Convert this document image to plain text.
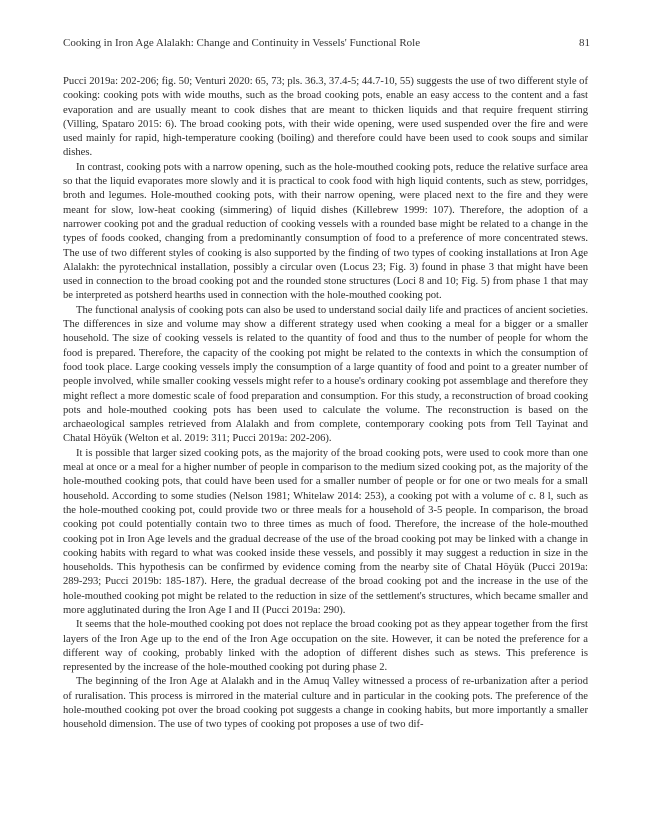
Cooking in Iron Age Alalakh: Change and Continuity in Vessels' Functional Role	81

Pucci 2019a: 202-206; fig. 50; Venturi 2020: 65, 73; pls. 36.3, 37.4-5; 44.7-10, 55) suggests the use of two different style of cooking: cooking pots with wide mouths, such as the broad cooking pots, enable an easy access to the content and a fast evaporation and are usually meant to cook dishes that are meant to thicken liquids and that require frequent stirring (Villing, Spataro 2015: 6). The broad cooking pots, with their wide opening, were used suspended over the fire and were used mainly for rapid, high-temperature cooking (boiling) and therefore could have been used to cook soups and similar dishes.

In contrast, cooking pots with a narrow opening, such as the hole-mouthed cooking pots, reduce the relative surface area so that the liquid evaporates more slowly and it is practical to cook food with high liquid contents, such as stew, porridges, broth and legumes. Hole-mouthed cooking pots, with their narrow opening, were placed next to the fire and they were meant for slow, low-heat cooking (simmering) of liquid dishes (Killebrew 1999: 107). Therefore, the adoption of a narrower cooking pot and the gradual reduction of cooking vessels with a rounded base might be related to a change in the types of foods cooked, changing from a predominantly consumption of food to a preference of more concentrated stews. The use of two different styles of cooking is also supported by the finding of two types of cooking installations at Iron Age Alalakh: the pyrotechnical installation, possibly a circular oven (Locus 23; Fig. 3) found in phase 3 that might have been used in connection to the broad cooking pot and the rounded stone structures (Loci 8 and 10; Fig. 5) from phase 1 that may be interpreted as potsherd hearths used in connection with the hole-mouthed cooking pot.

The functional analysis of cooking pots can also be used to understand social daily life and practices of ancient societies. The differences in size and volume may show a different strategy used when cooking a meal for a bigger or a smaller household. The size of cooking vessels is related to the quantity of food and thus to the number of people for whom the food is prepared. Therefore, the capacity of the cooking pot might be related to the contexts in which the consumption of food took place. Large cooking vessels imply the consumption of a large quantity of food and point to a greater number of people involved, while smaller cooking vessels might refer to a house's ordinary cooking pot assemblage and therefore they might reflect a more domestic scale of food preparation and consumption. For this study, a reconstruction of broad cooking pots and hole-mouthed cooking pots has been used to calculate the volume. The reconstruction is based on the archaeological samples retrieved from Alalakh and from complete, contemporary cooking pots from Tell Tayinat and Chatal Höyük (Welton et al. 2019: 311; Pucci 2019a: 202-206).

It is possible that larger sized cooking pots, as the majority of the broad cooking pots, were used to cook more than one meal at once or a meal for a higher number of people in comparison to the medium sized cooking pot, as the majority of the hole-mouthed cooking pots, that could have been used for a smaller number of people or for one or two meals for a small household. According to some studies (Nelson 1981; Whitelaw 2014: 253), a cooking pot with a volume of c. 8 l, such as the hole-mouthed cooking pot, could provide two or three meals for a household of 3-5 people. In comparison, the broad cooking pot could potentially contain two to three times as much of food. Therefore, the increase of the hole-mouthed cooking pot in Iron Age levels and the gradual decrease of the use of the broad cooking pot may be linked with a change in cooking habits with regard to what was cooked inside these vessels, and possibly it may suggest a reduction in size in the households. This hypothesis can be confirmed by evidence coming from the nearby site of Chatal Höyük (Pucci 2019a: 289-293; Pucci 2019b: 185-187). Here, the gradual decrease of the broad cooking pot and the increase in the use of the hole-mouthed cooking pot might be related to the reduction in size of the settlement's structures, which became smaller and more agglutinated during the Iron Age I and II (Pucci 2019a: 290).

It seems that the hole-mouthed cooking pot does not replace the broad cooking pot as they appear together from the first layers of the Iron Age up to the end of the Iron Age occupation on the site. However, it can be noted the preference for a different way of cooking, probably linked with the adoption of different dishes such as stews. This preference is represented by the increase of the hole-mouthed cooking pot during phase 2.

The beginning of the Iron Age at Alalakh and in the Amuq Valley witnessed a process of re-urbanization after a period of ruralisation. This process is mirrored in the material culture and in particular in the cooking pots. The preference of the hole-mouthed cooking pot over the broad cooking pot suggests a change in cooking habits, but more importantly a smaller household dimension. The use of two types of cooking pot proposes a use of two dif-
